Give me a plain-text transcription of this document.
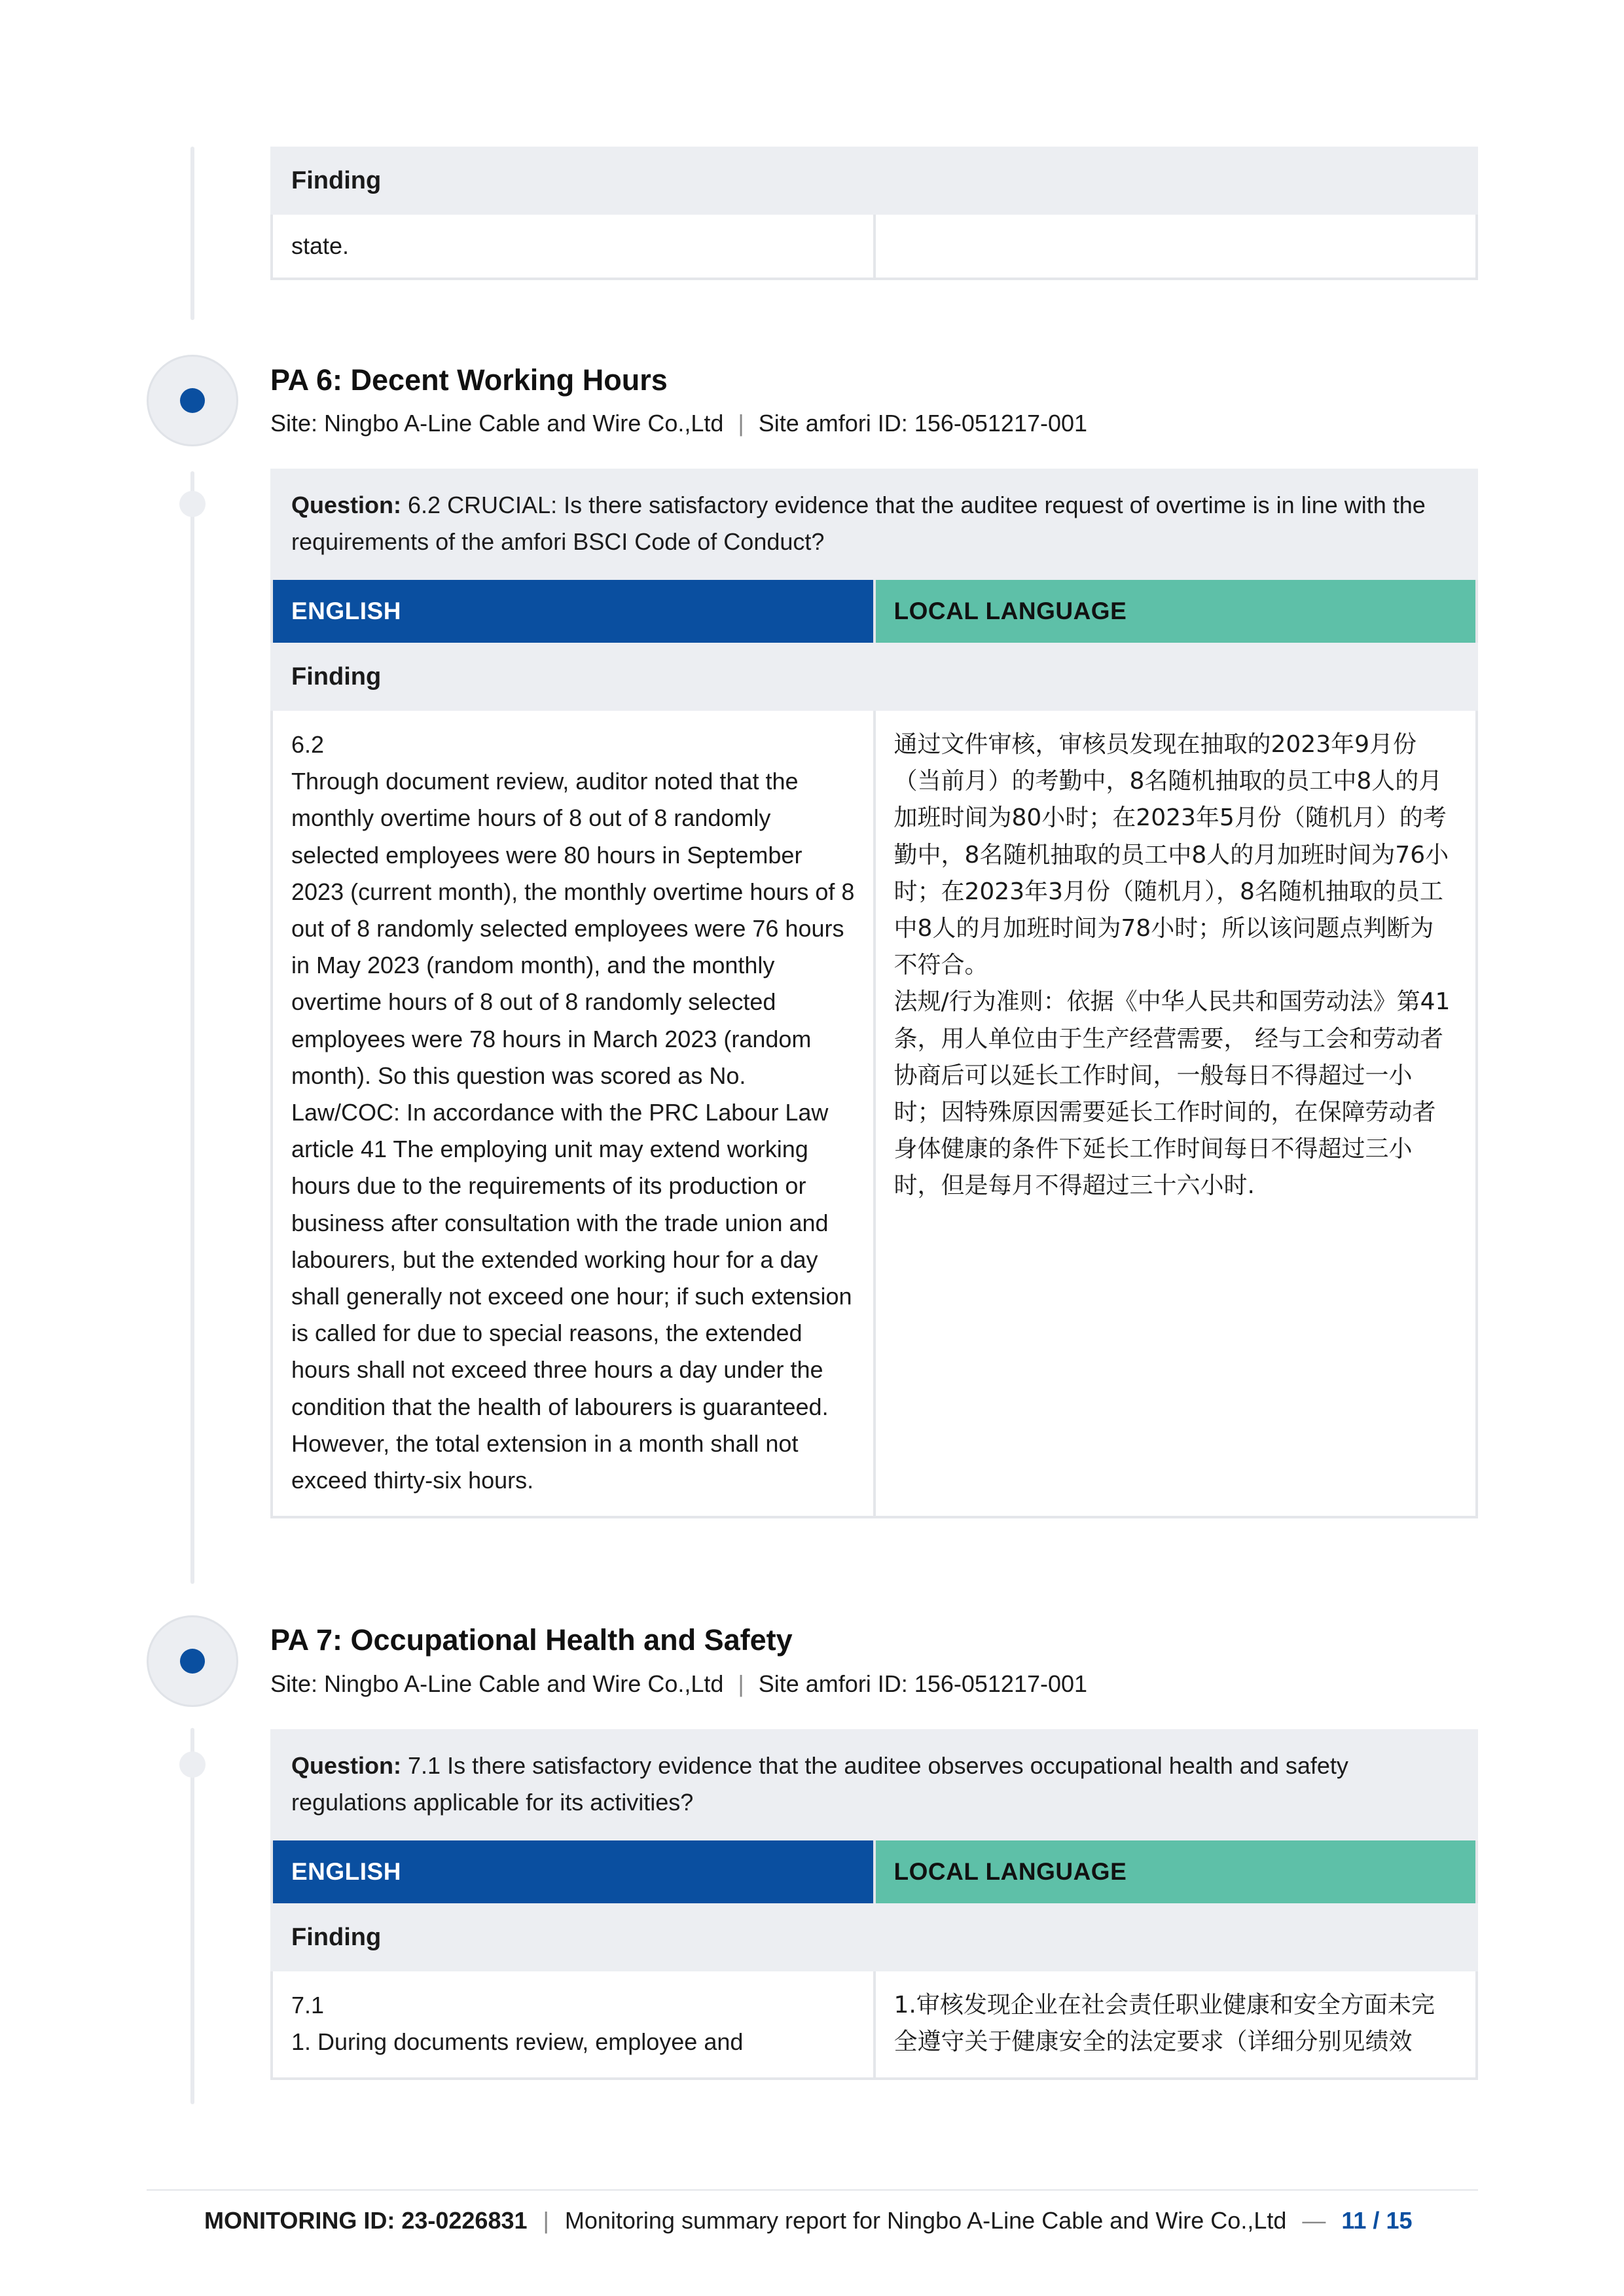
Finding
state.
PA 6: Decent Working Hours
Site: Ningbo A-Line Cable and Wire Co.,Ltd | Site amfori ID: 156-051217-001
Question: 6.2 CRUCIAL: Is there satisfactory evidence that the auditee request of overtime is in line with the requirements of the amfori BSCI Code of Conduct?
ENGLISH	LOCAL LANGUAGE
Finding
6.2
Through document review, auditor noted that the monthly overtime hours of 8 out of 8 randomly selected employees were 80 hours in September 2023 (current month), the monthly overtime hours of 8 out of 8 randomly selected employees were 76 hours in May 2023 (random month), and the monthly overtime hours of 8 out of 8 randomly selected employees were 78 hours in March 2023 (random month). So this question was scored as No.
Law/COC: In accordance with the PRC Labour Law article 41 The employing unit may extend working hours due to the requirements of its production or business after consultation with the trade union and labourers, but the extended working hour for a day shall generally not exceed one hour; if such extension is called for due to special reasons, the extended hours shall not exceed three hours a day under the condition that the health of labourers is guaranteed. However, the total extension in a month shall not exceed thirty-six hours.
通过文件审核，审核员发现在抽取的2023年9月份（当前月）的考勤中，8名随机抽取的员工中8人的月加班时间为80小时；在2023年5月份（随机月）的考勤中，8名随机抽取的员工中8人的月加班时间为76小时；在2023年3月份（随机月），8名随机抽取的员工中8人的月加班时间为78小时；所以该问题点判断为不符合。
法规/行为准则：依据《中华人民共和国劳动法》第41条，用人单位由于生产经营需要， 经与工会和劳动者协商后可以延长工作时间，一般每日不得超过一小时；因特殊原因需要延长工作时间的，在保障劳动者身体健康的条件下延长工作时间每日不得超过三小时，但是每月不得超过三十六小时.
PA 7: Occupational Health and Safety
Site: Ningbo A-Line Cable and Wire Co.,Ltd | Site amfori ID: 156-051217-001
Question: 7.1 Is there satisfactory evidence that the auditee observes occupational health and safety regulations applicable for its activities?
ENGLISH	LOCAL LANGUAGE
Finding
7.1
1. During documents review, employee and
1.审核发现企业在社会责任职业健康和安全方面未完全遵守关于健康安全的法定要求（详细分别见绩效
MONITORING ID: 23-0226831 | Monitoring summary report for Ningbo A-Line Cable and Wire Co.,Ltd — 11 / 15
